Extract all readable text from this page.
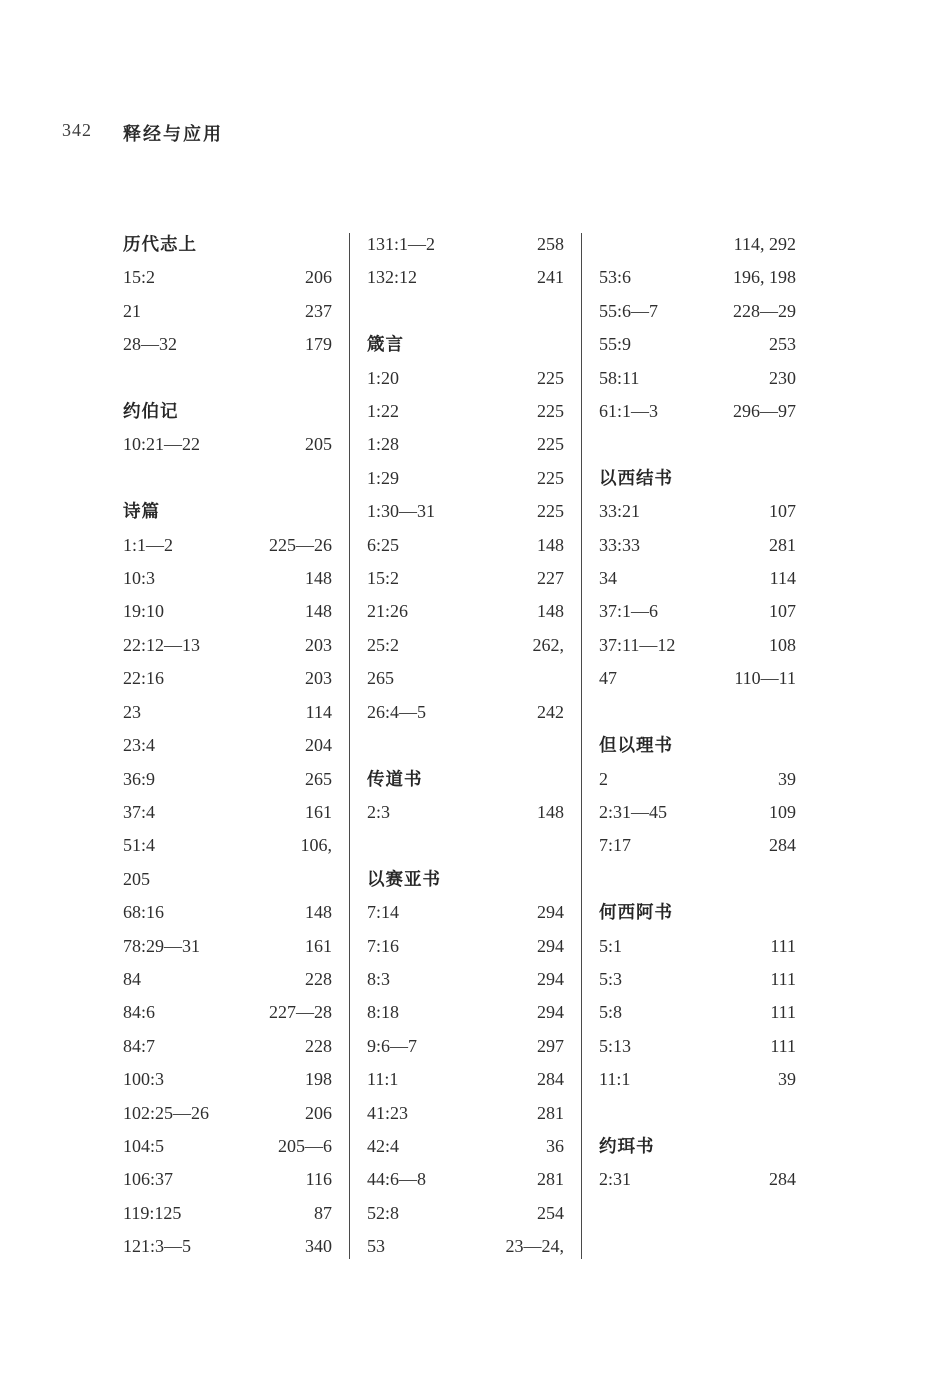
342 释经与应用
历代志上
15:2	206
21	237
28—32	179
约伯记
10:21—22	205
诗篇
1:1—2	225—26
10:3	148
19:10	148
22:12—13	203
22:16	203
23	114
23:4	204
36:9	265
37:4	161
51:4	106,
205
68:16	148
78:29—31	161
84	228
84:6	227—28
84:7	228
100:3	198
102:25—26	206
104:5	205—6
106:37	116
119:125	87
121:3—5	340
131:1—2	258
132:12	241
箴言
1:20	225
1:22	225
1:28	225
1:29	225
1:30—31	225
6:25	148
15:2	227
21:26	148
25:2	262,
265
26:4—5	242
传道书
2:3	148
以赛亚书
7:14	294
7:16	294
8:3	294
8:18	294
9:6—7	297
11:1	284
41:23	281
42:4	36
44:6—8	281
52:8	254
53	23—24,
114, 292
53:6	196, 198
55:6—7	228—29
55:9	253
58:11	230
61:1—3	296—97
以西结书
33:21	107
33:33	281
34	114
37:1—6	107
37:11—12	108
47	110—11
但以理书
2	39
2:31—45	109
7:17	284
何西阿书
5:1	111
5:3	111
5:8	111
5:13	111
11:1	39
约珥书
2:31	284
